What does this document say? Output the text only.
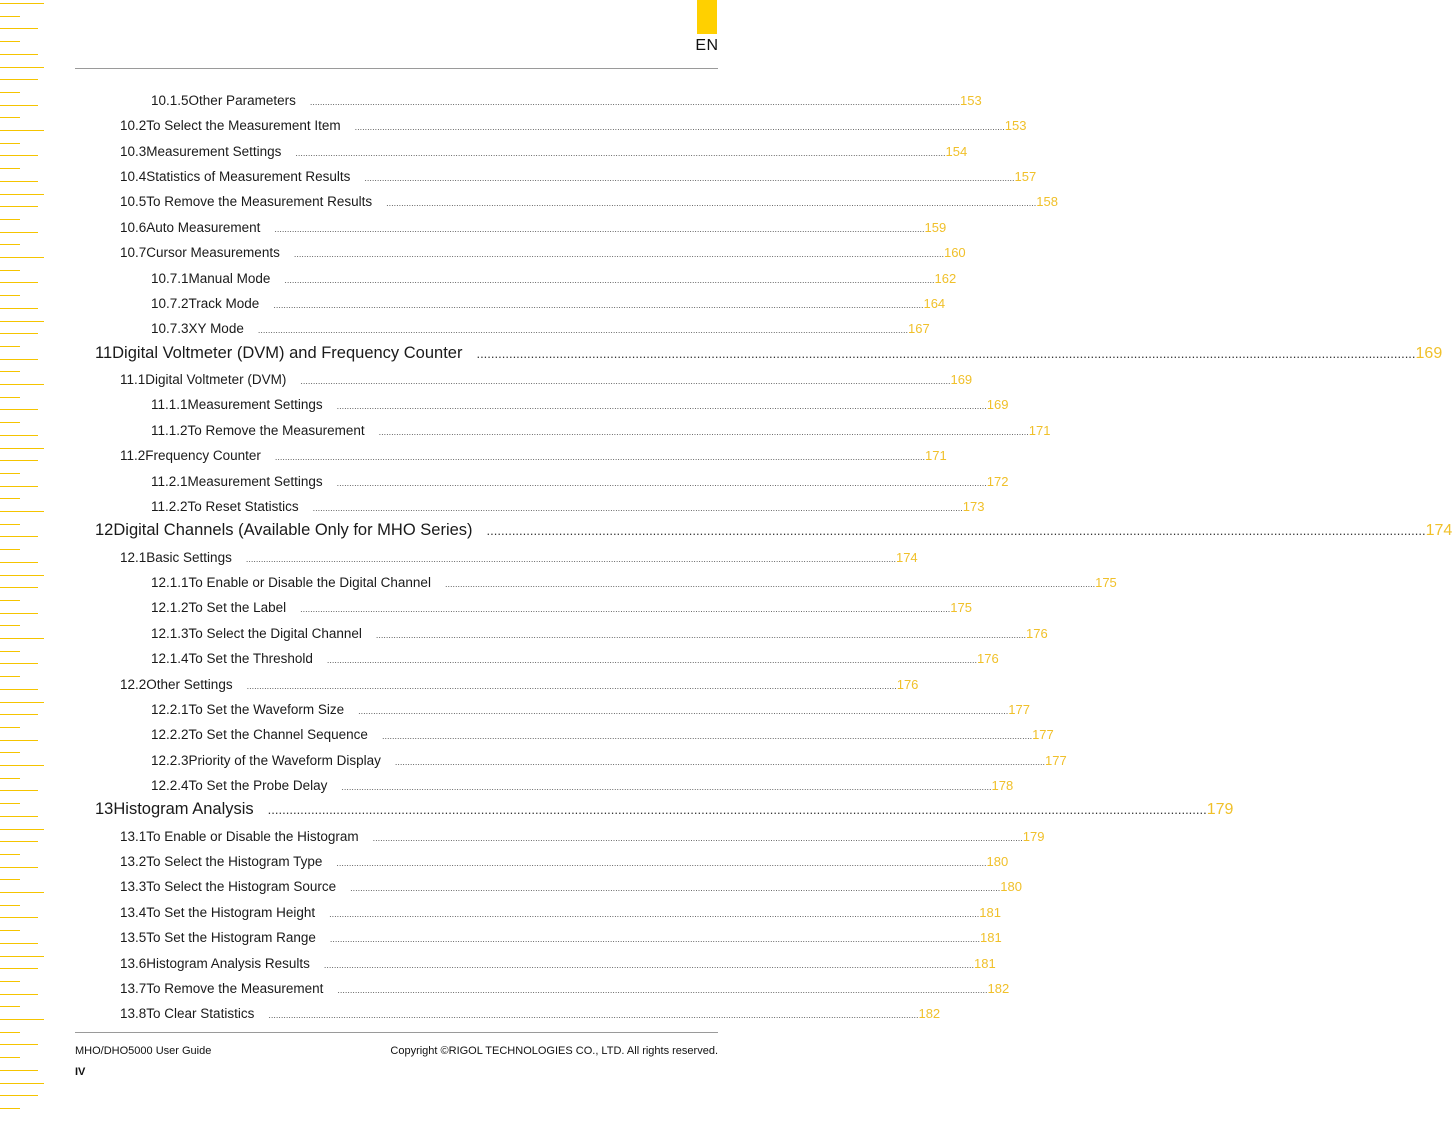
EN
10.1.5 Other Parameters .................................................................................................................................................................................................................................................................... 153
10.2 To Select the Measurement Item .................................................................................................................................................................................................................................................................... 153
10.3 Measurement Settings .................................................................................................................................................................................................................................................................... 154
10.4 Statistics of Measurement Results .................................................................................................................................................................................................................................................................... 157
10.5 To Remove the Measurement Results .................................................................................................................................................................................................................................................................... 158
10.6 Auto Measurement .................................................................................................................................................................................................................................................................... 159
10.7 Cursor Measurements .................................................................................................................................................................................................................................................................... 160
10.7.1 Manual Mode .................................................................................................................................................................................................................................................................... 162
10.7.2 Track Mode .................................................................................................................................................................................................................................................................... 164
10.7.3 XY Mode .................................................................................................................................................................................................................................................................... 167
11 Digital Voltmeter (DVM) and Frequency Counter .................................................................................................................................................................................................................................................................... 169
11.1 Digital Voltmeter (DVM) .................................................................................................................................................................................................................................................................... 169
11.1.1 Measurement Settings .................................................................................................................................................................................................................................................................... 169
11.1.2 To Remove the Measurement .................................................................................................................................................................................................................................................................... 171
11.2 Frequency Counter .................................................................................................................................................................................................................................................................... 171
11.2.1 Measurement Settings .................................................................................................................................................................................................................................................................... 172
11.2.2 To Reset Statistics .................................................................................................................................................................................................................................................................... 173
12 Digital Channels (Available Only for MHO Series) .................................................................................................................................................................................................................................................................... 174
12.1 Basic Settings .................................................................................................................................................................................................................................................................... 174
12.1.1 To Enable or Disable the Digital Channel .................................................................................................................................................................................................................................................................... 175
12.1.2 To Set the Label .................................................................................................................................................................................................................................................................... 175
12.1.3 To Select the Digital Channel .................................................................................................................................................................................................................................................................... 176
12.1.4 To Set the Threshold .................................................................................................................................................................................................................................................................... 176
12.2 Other Settings .................................................................................................................................................................................................................................................................... 176
12.2.1 To Set the Waveform Size .................................................................................................................................................................................................................................................................... 177
12.2.2 To Set the Channel Sequence .................................................................................................................................................................................................................................................................... 177
12.2.3 Priority of the Waveform Display .................................................................................................................................................................................................................................................................... 177
12.2.4 To Set the Probe Delay .................................................................................................................................................................................................................................................................... 178
13 Histogram Analysis .................................................................................................................................................................................................................................................................... 179
13.1 To Enable or Disable the Histogram .................................................................................................................................................................................................................................................................... 179
13.2 To Select the Histogram Type .................................................................................................................................................................................................................................................................... 180
13.3 To Select the Histogram Source .................................................................................................................................................................................................................................................................... 180
13.4 To Set the Histogram Height .................................................................................................................................................................................................................................................................... 181
13.5 To Set the Histogram Range .................................................................................................................................................................................................................................................................... 181
13.6 Histogram Analysis Results .................................................................................................................................................................................................................................................................... 181
13.7 To Remove the Measurement .................................................................................................................................................................................................................................................................... 182
13.8 To Clear Statistics .................................................................................................................................................................................................................................................................... 182
MHO/DHO5000 User Guide	Copyright ©RIGOL TECHNOLOGIES CO., LTD. All rights reserved.
IV
